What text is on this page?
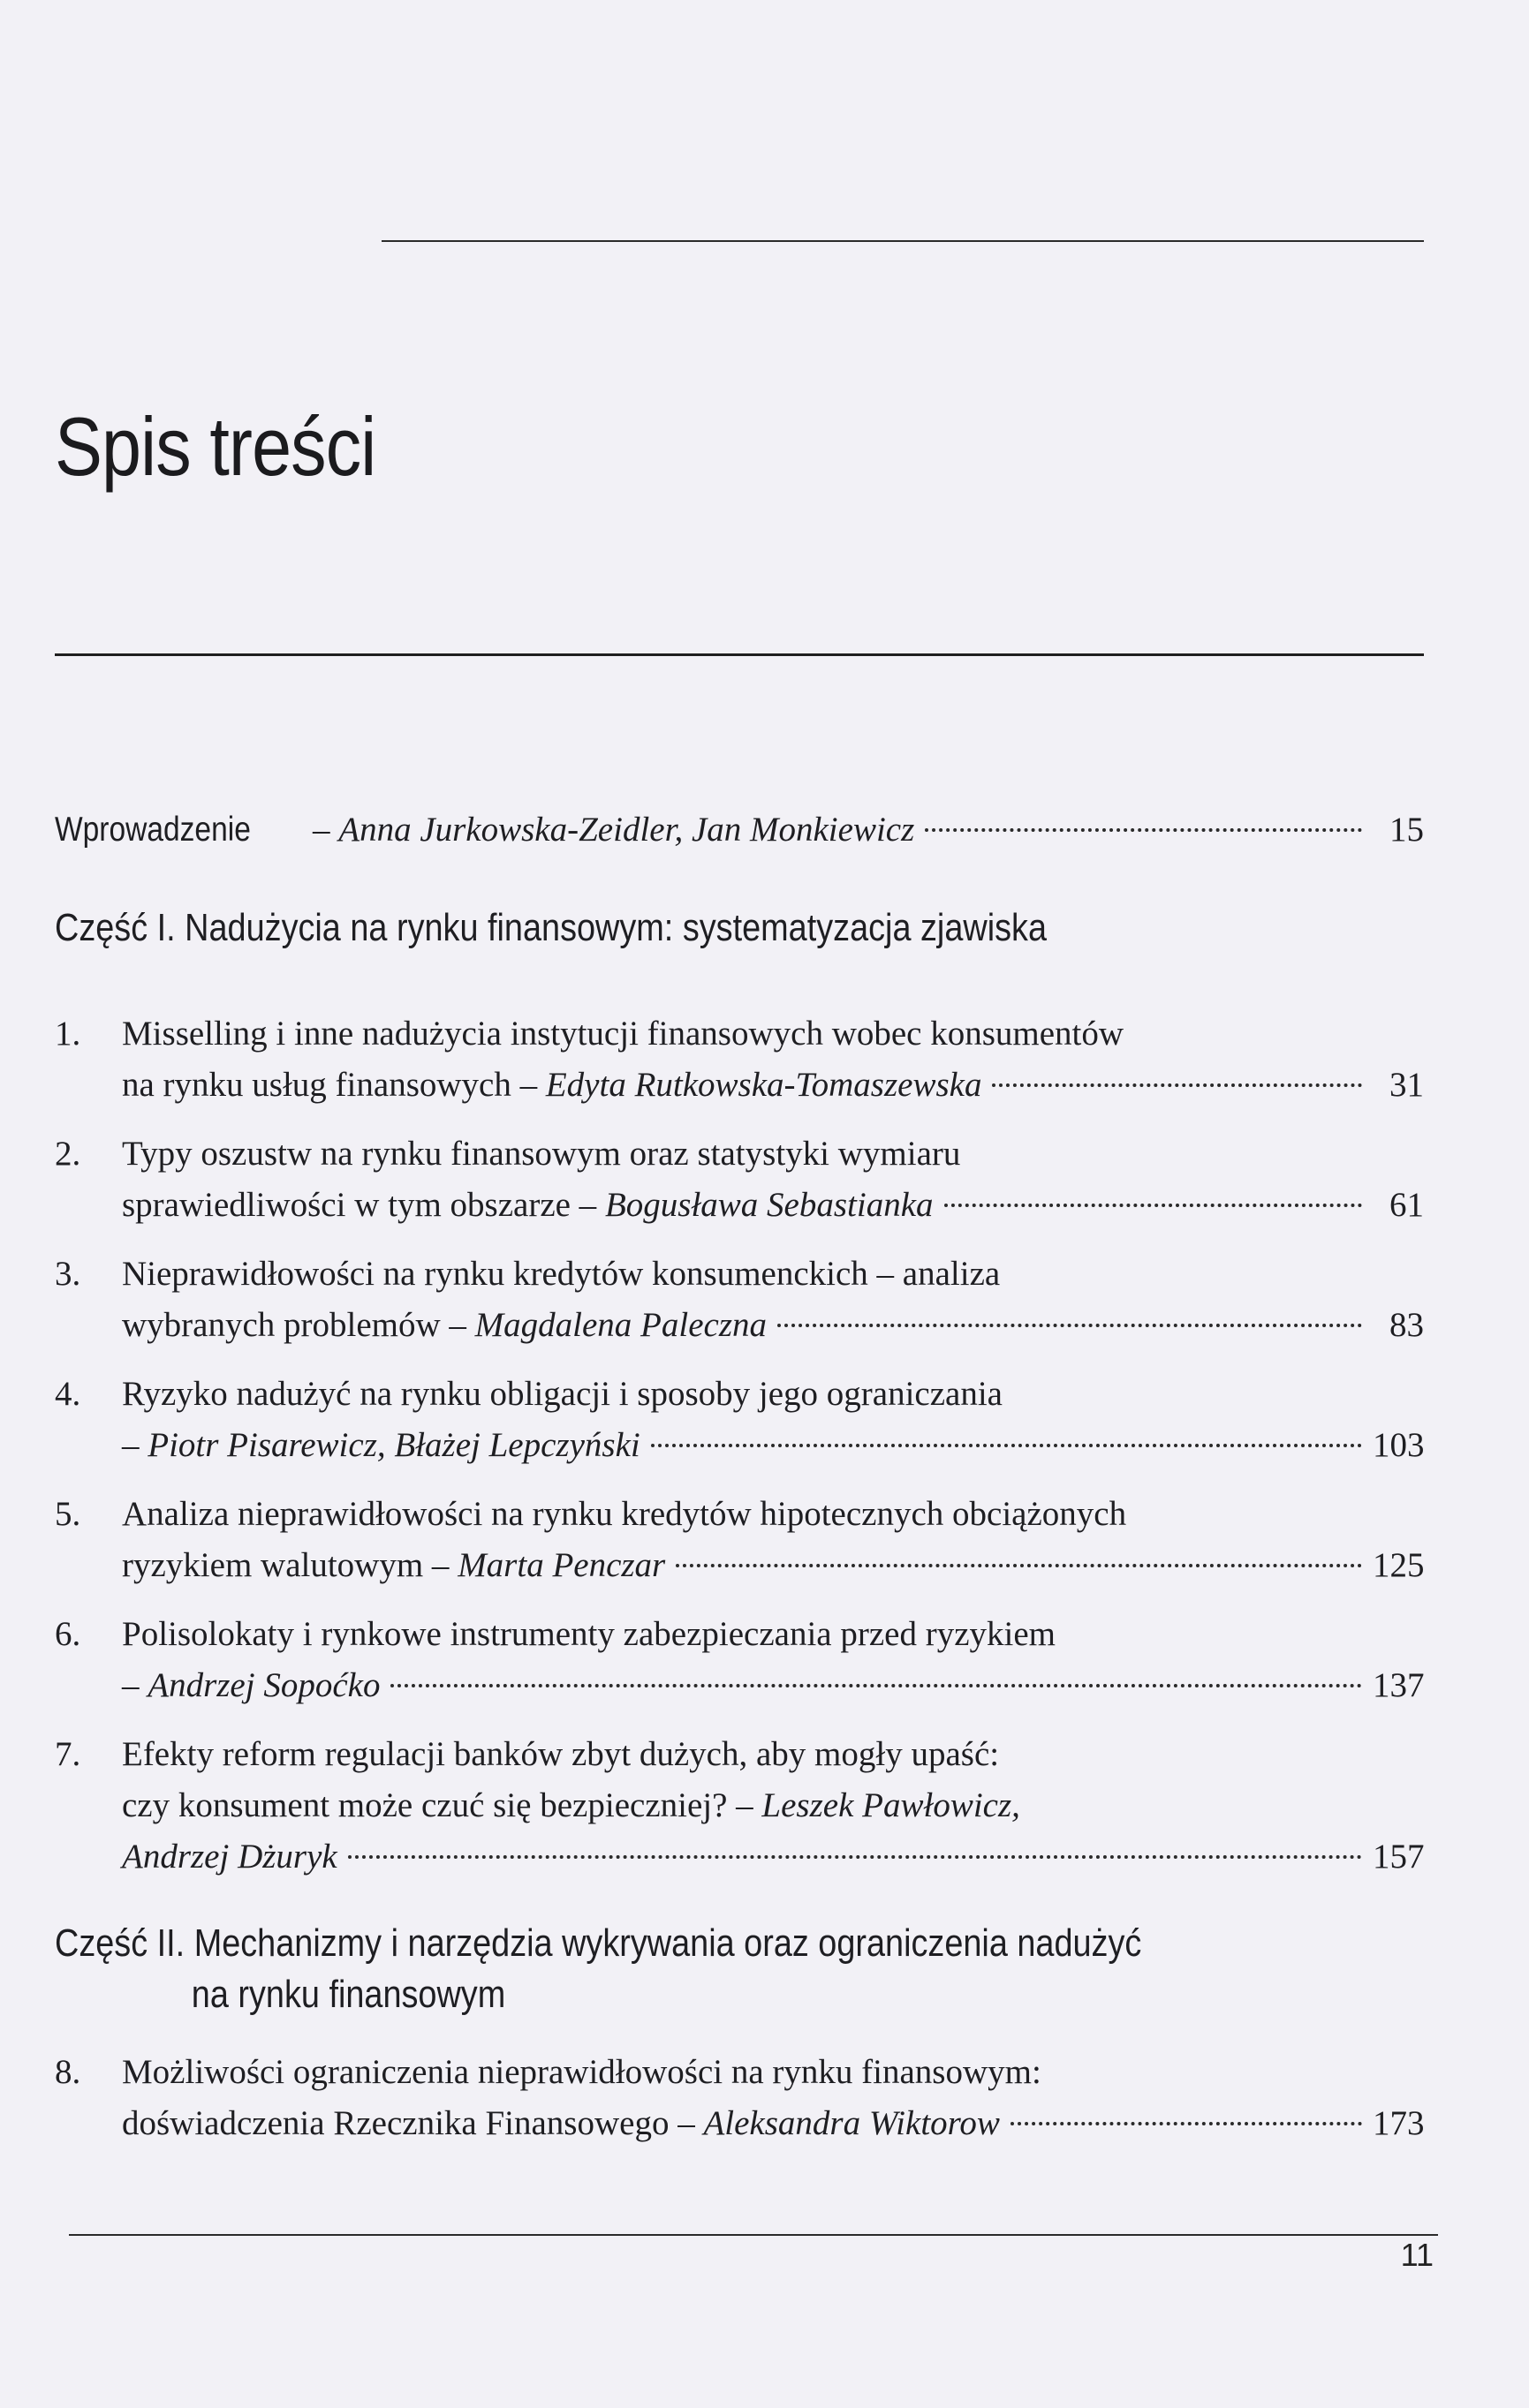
Spis treści
Wprowadzenie	– Anna Jurkowska-Zeidler, Jan Monkiewicz	15
Część I. Nadużycia na rynku finansowym: systematyzacja zjawiska
1.	Misselling i inne nadużycia instytucji finansowych wobec konsumentów
na rynku usług finansowych – Edyta Rutkowska-Tomaszewska	31
2.	Typy oszustw na rynku finansowym oraz statystyki wymiaru
sprawiedliwości w tym obszarze – Bogusława Sebastianka	61
3.	Nieprawidłowości na rynku kredytów konsumenckich – analiza
wybranych problemów – Magdalena Paleczna	83
4.	Ryzyko nadużyć na rynku obligacji i sposoby jego ograniczania
– Piotr Pisarewicz, Błażej Lepczyński	103
5.	Analiza nieprawidłowości na rynku kredytów hipotecznych obciążonych
ryzykiem walutowym – Marta Penczar	125
6.	Polisolokaty i rynkowe instrumenty zabezpieczania przed ryzykiem
– Andrzej Sopoćko	137
7.	Efekty reform regulacji banków zbyt dużych, aby mogły upaść:
czy konsument może czuć się bezpieczniej? – Leszek Pawłowicz,
Andrzej Dżuryk	157
Część II. Mechanizmy i narzędzia wykrywania oraz ograniczenia nadużyć
na rynku finansowym
8.	Możliwości ograniczenia nieprawidłowości na rynku finansowym:
doświadczenia Rzecznika Finansowego – Aleksandra Wiktorow	173
11
